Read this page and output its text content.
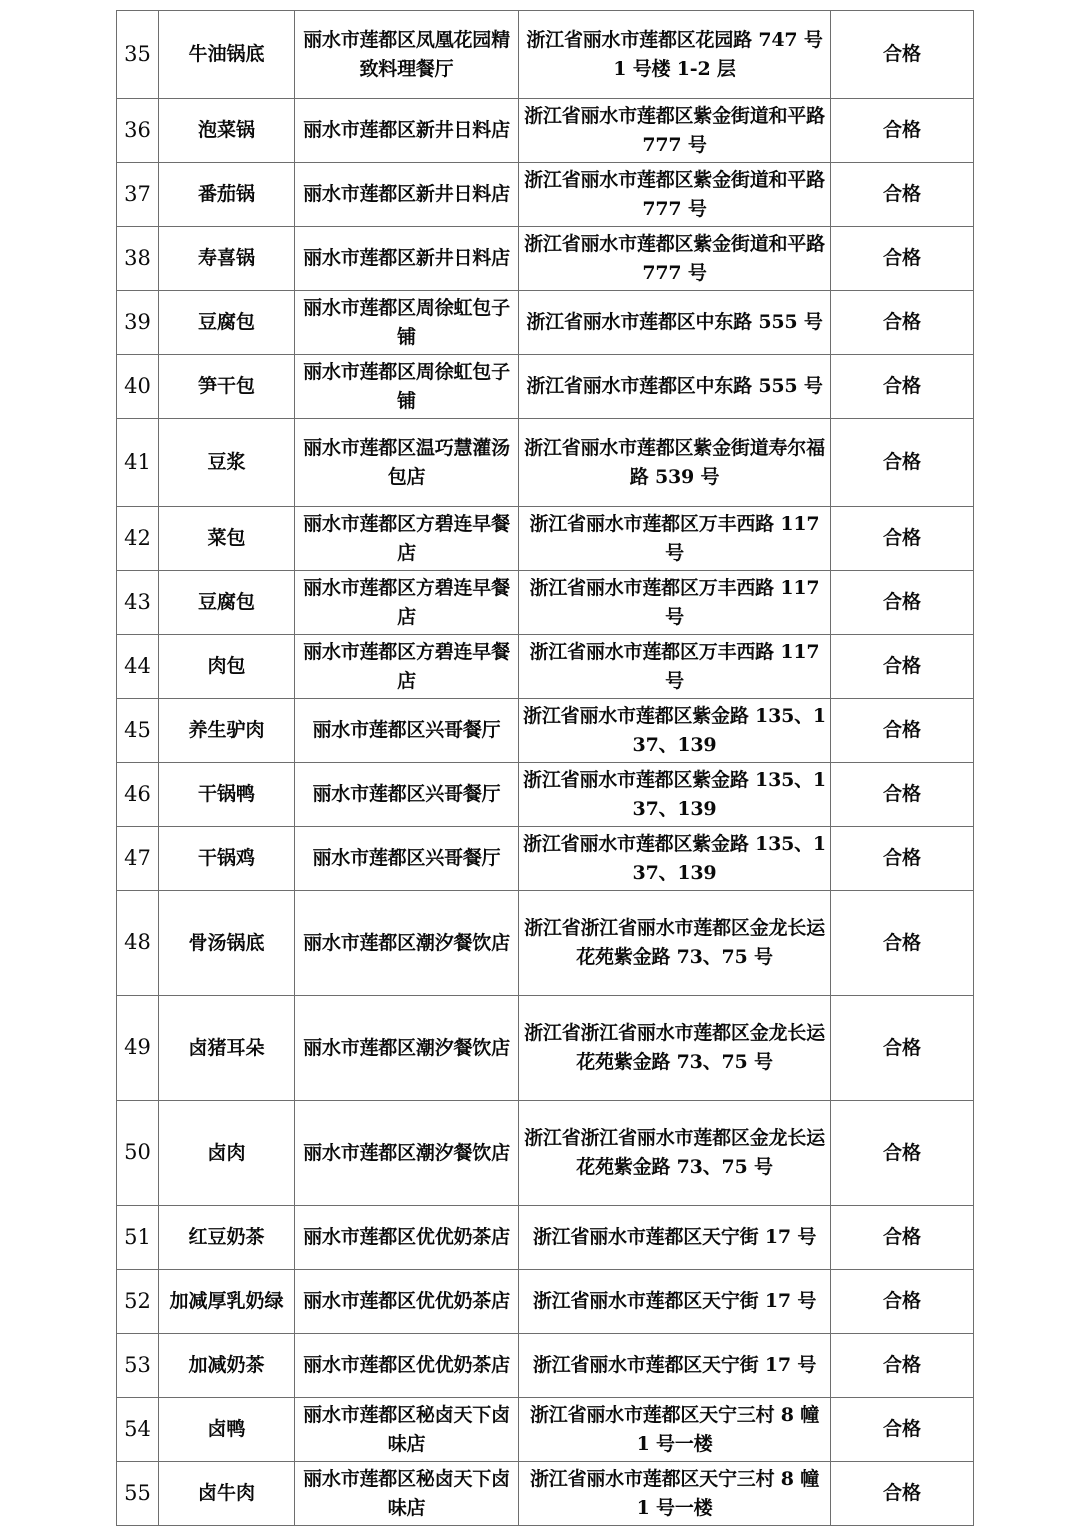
35	牛油锅底	丽水市莲都区凤凰花园精致料理餐厅	浙江省丽水市莲都区花园路 747 号 1 号楼 1-2 层	合格
36	泡菜锅	丽水市莲都区新井日料店	浙江省丽水市莲都区紫金街道和平路 777 号	合格
37	番茄锅	丽水市莲都区新井日料店	浙江省丽水市莲都区紫金街道和平路 777 号	合格
38	寿喜锅	丽水市莲都区新井日料店	浙江省丽水市莲都区紫金街道和平路 777 号	合格
39	豆腐包	丽水市莲都区周徐虹包子铺	浙江省丽水市莲都区中东路 555 号	合格
40	笋干包	丽水市莲都区周徐虹包子铺	浙江省丽水市莲都区中东路 555 号	合格
41	豆浆	丽水市莲都区温巧慧灌汤包店	浙江省丽水市莲都区紫金街道寿尔福路 539 号	合格
42	菜包	丽水市莲都区方碧连早餐店	浙江省丽水市莲都区万丰西路 117 号	合格
43	豆腐包	丽水市莲都区方碧连早餐店	浙江省丽水市莲都区万丰西路 117 号	合格
44	肉包	丽水市莲都区方碧连早餐店	浙江省丽水市莲都区万丰西路 117 号	合格
45	养生驴肉	丽水市莲都区兴哥餐厅	浙江省丽水市莲都区紫金路 135、137、139	合格
46	干锅鸭	丽水市莲都区兴哥餐厅	浙江省丽水市莲都区紫金路 135、137、139	合格
47	干锅鸡	丽水市莲都区兴哥餐厅	浙江省丽水市莲都区紫金路 135、137、139	合格
48	骨汤锅底	丽水市莲都区潮汐餐饮店	浙江省浙江省丽水市莲都区金龙长运花苑紫金路 73、75 号	合格
49	卤猪耳朵	丽水市莲都区潮汐餐饮店	浙江省浙江省丽水市莲都区金龙长运花苑紫金路 73、75 号	合格
50	卤肉	丽水市莲都区潮汐餐饮店	浙江省浙江省丽水市莲都区金龙长运花苑紫金路 73、75 号	合格
51	红豆奶茶	丽水市莲都区优优奶茶店	浙江省丽水市莲都区天宁街 17 号	合格
52	加减厚乳奶绿	丽水市莲都区优优奶茶店	浙江省丽水市莲都区天宁街 17 号	合格
53	加减奶茶	丽水市莲都区优优奶茶店	浙江省丽水市莲都区天宁街 17 号	合格
54	卤鸭	丽水市莲都区秘卤天下卤味店	浙江省丽水市莲都区天宁三村 8 幢 1 号一楼	合格
55	卤牛肉	丽水市莲都区秘卤天下卤味店	浙江省丽水市莲都区天宁三村 8 幢 1 号一楼	合格
